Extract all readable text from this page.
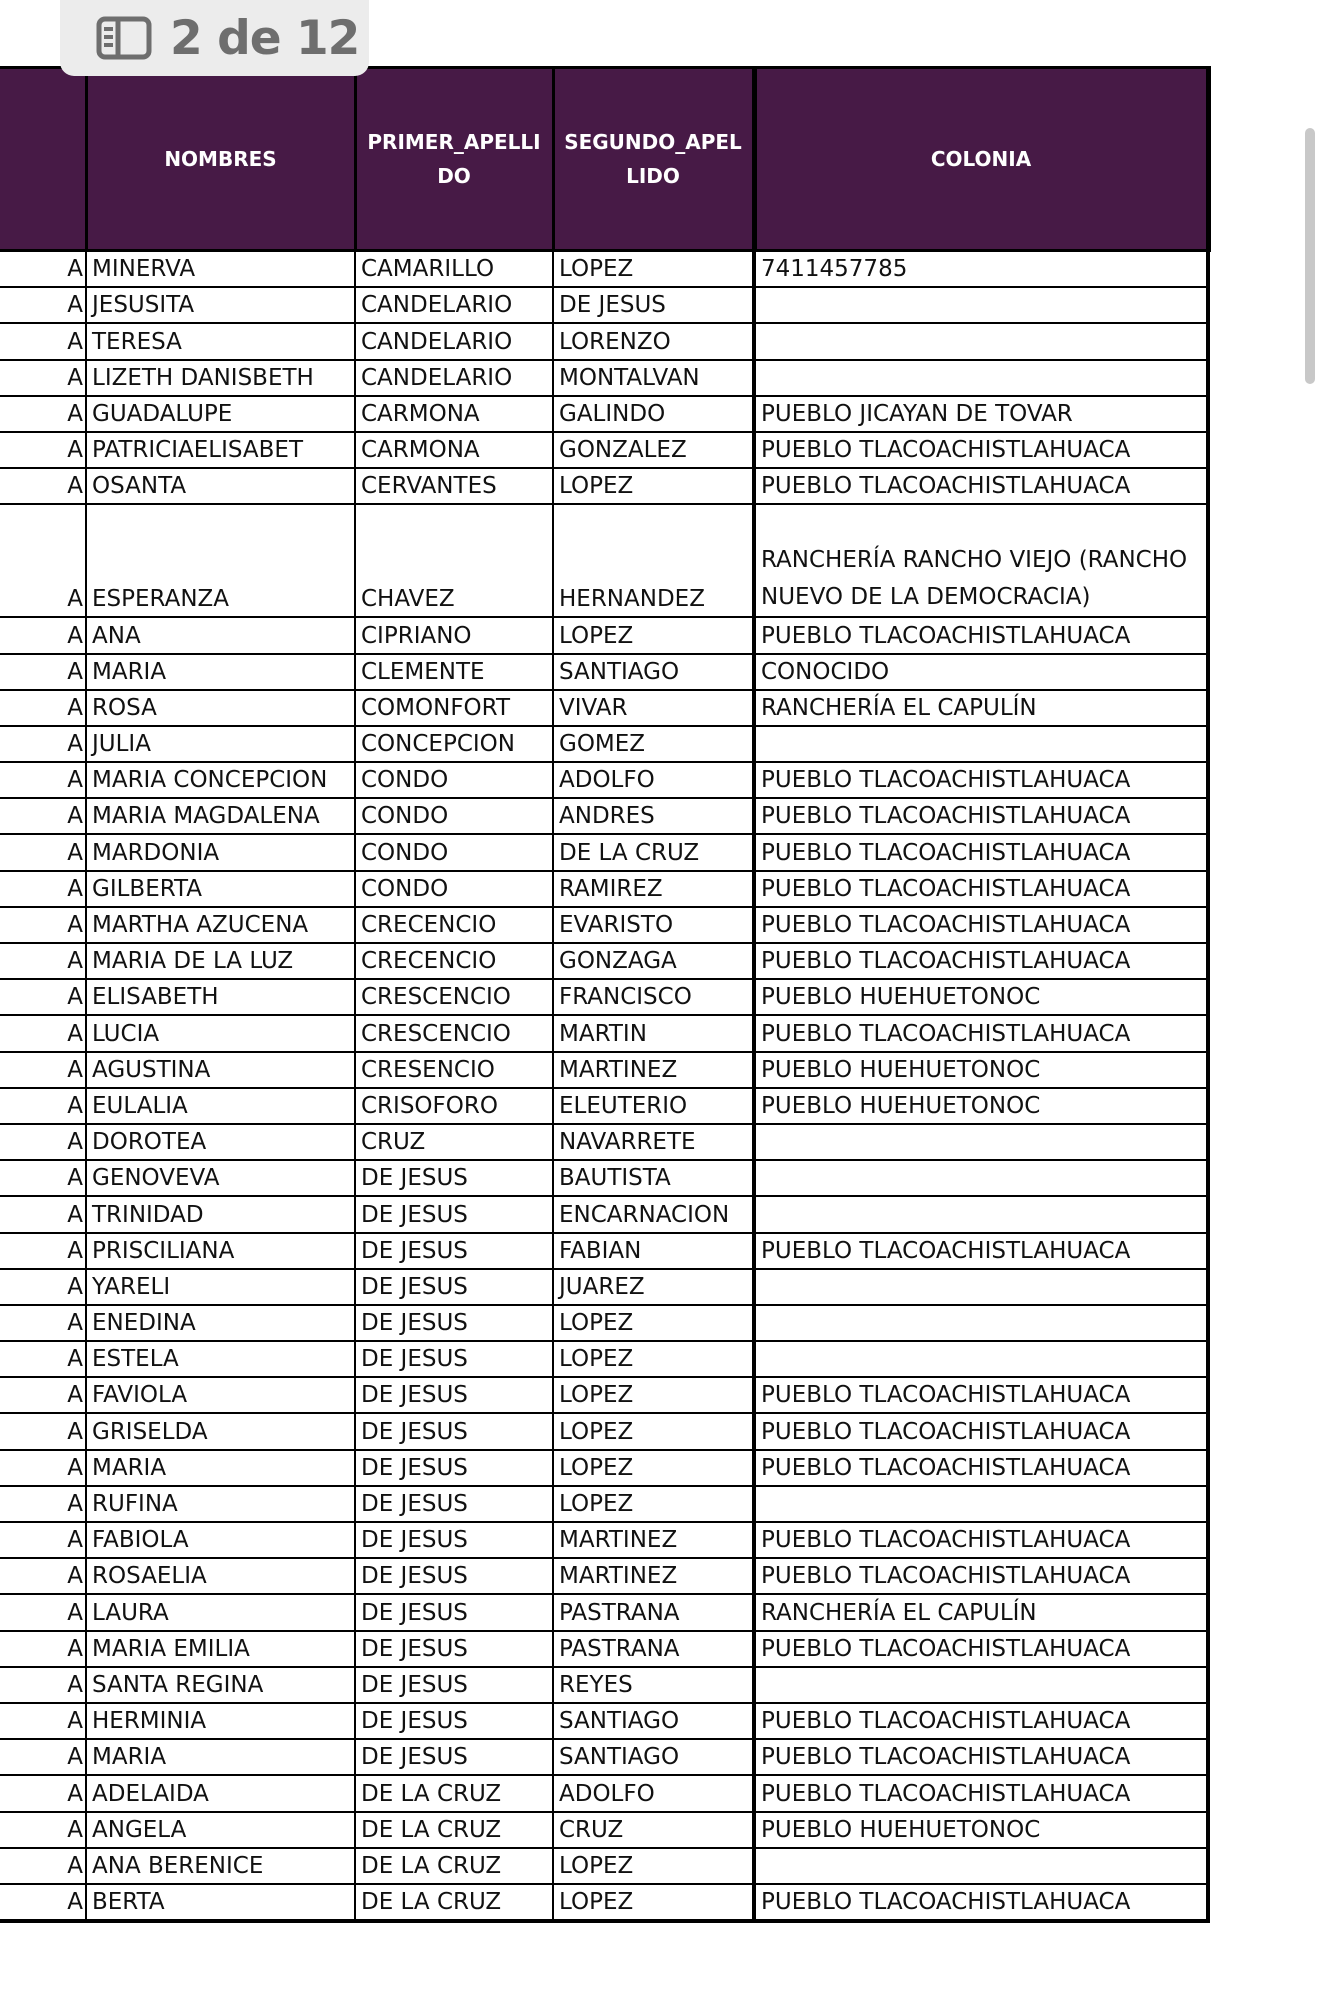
2 de 12
	NOMBRES	PRIMER_APELLIDO	SEGUNDO_APELLIDO	COLONIA
A	MINERVA	CAMARILLO	LOPEZ	7411457785
A	JESUSITA	CANDELARIO	DE JESUS	
A	TERESA	CANDELARIO	LORENZO	
A	LIZETH DANISBETH	CANDELARIO	MONTALVAN	
A	GUADALUPE	CARMONA	GALINDO	PUEBLO JICAYAN DE TOVAR
A	PATRICIAELISABET	CARMONA	GONZALEZ	PUEBLO TLACOACHISTLAHUACA
A	OSANTA	CERVANTES	LOPEZ	PUEBLO TLACOACHISTLAHUACA
A	ESPERANZA	CHAVEZ	HERNANDEZ	RANCHERÍA RANCHO VIEJO (RANCHO NUEVO DE LA DEMOCRACIA)
A	ANA	CIPRIANO	LOPEZ	PUEBLO TLACOACHISTLAHUACA
A	MARIA	CLEMENTE	SANTIAGO	CONOCIDO
A	ROSA	COMONFORT	VIVAR	RANCHERÍA EL CAPULÍN
A	JULIA	CONCEPCION	GOMEZ	
A	MARIA CONCEPCION	CONDO	ADOLFO	PUEBLO TLACOACHISTLAHUACA
A	MARIA MAGDALENA	CONDO	ANDRES	PUEBLO TLACOACHISTLAHUACA
A	MARDONIA	CONDO	DE LA CRUZ	PUEBLO TLACOACHISTLAHUACA
A	GILBERTA	CONDO	RAMIREZ	PUEBLO TLACOACHISTLAHUACA
A	MARTHA AZUCENA	CRECENCIO	EVARISTO	PUEBLO TLACOACHISTLAHUACA
A	MARIA DE LA LUZ	CRECENCIO	GONZAGA	PUEBLO TLACOACHISTLAHUACA
A	ELISABETH	CRESCENCIO	FRANCISCO	PUEBLO HUEHUETONOC
A	LUCIA	CRESCENCIO	MARTIN	PUEBLO TLACOACHISTLAHUACA
A	AGUSTINA	CRESENCIO	MARTINEZ	PUEBLO HUEHUETONOC
A	EULALIA	CRISOFORO	ELEUTERIO	PUEBLO HUEHUETONOC
A	DOROTEA	CRUZ	NAVARRETE	
A	GENOVEVA	DE JESUS	BAUTISTA	
A	TRINIDAD	DE JESUS	ENCARNACION	
A	PRISCILIANA	DE JESUS	FABIAN	PUEBLO TLACOACHISTLAHUACA
A	YARELI	DE JESUS	JUAREZ	
A	ENEDINA	DE JESUS	LOPEZ	
A	ESTELA	DE JESUS	LOPEZ	
A	FAVIOLA	DE JESUS	LOPEZ	PUEBLO TLACOACHISTLAHUACA
A	GRISELDA	DE JESUS	LOPEZ	PUEBLO TLACOACHISTLAHUACA
A	MARIA	DE JESUS	LOPEZ	PUEBLO TLACOACHISTLAHUACA
A	RUFINA	DE JESUS	LOPEZ	
A	FABIOLA	DE JESUS	MARTINEZ	PUEBLO TLACOACHISTLAHUACA
A	ROSAELIA	DE JESUS	MARTINEZ	PUEBLO TLACOACHISTLAHUACA
A	LAURA	DE JESUS	PASTRANA	RANCHERÍA EL CAPULÍN
A	MARIA EMILIA	DE JESUS	PASTRANA	PUEBLO TLACOACHISTLAHUACA
A	SANTA REGINA	DE JESUS	REYES	
A	HERMINIA	DE JESUS	SANTIAGO	PUEBLO TLACOACHISTLAHUACA
A	MARIA	DE JESUS	SANTIAGO	PUEBLO TLACOACHISTLAHUACA
A	ADELAIDA	DE LA CRUZ	ADOLFO	PUEBLO TLACOACHISTLAHUACA
A	ANGELA	DE LA CRUZ	CRUZ	PUEBLO HUEHUETONOC
A	ANA BERENICE	DE LA CRUZ	LOPEZ	
A	BERTA	DE LA CRUZ	LOPEZ	PUEBLO TLACOACHISTLAHUACA
